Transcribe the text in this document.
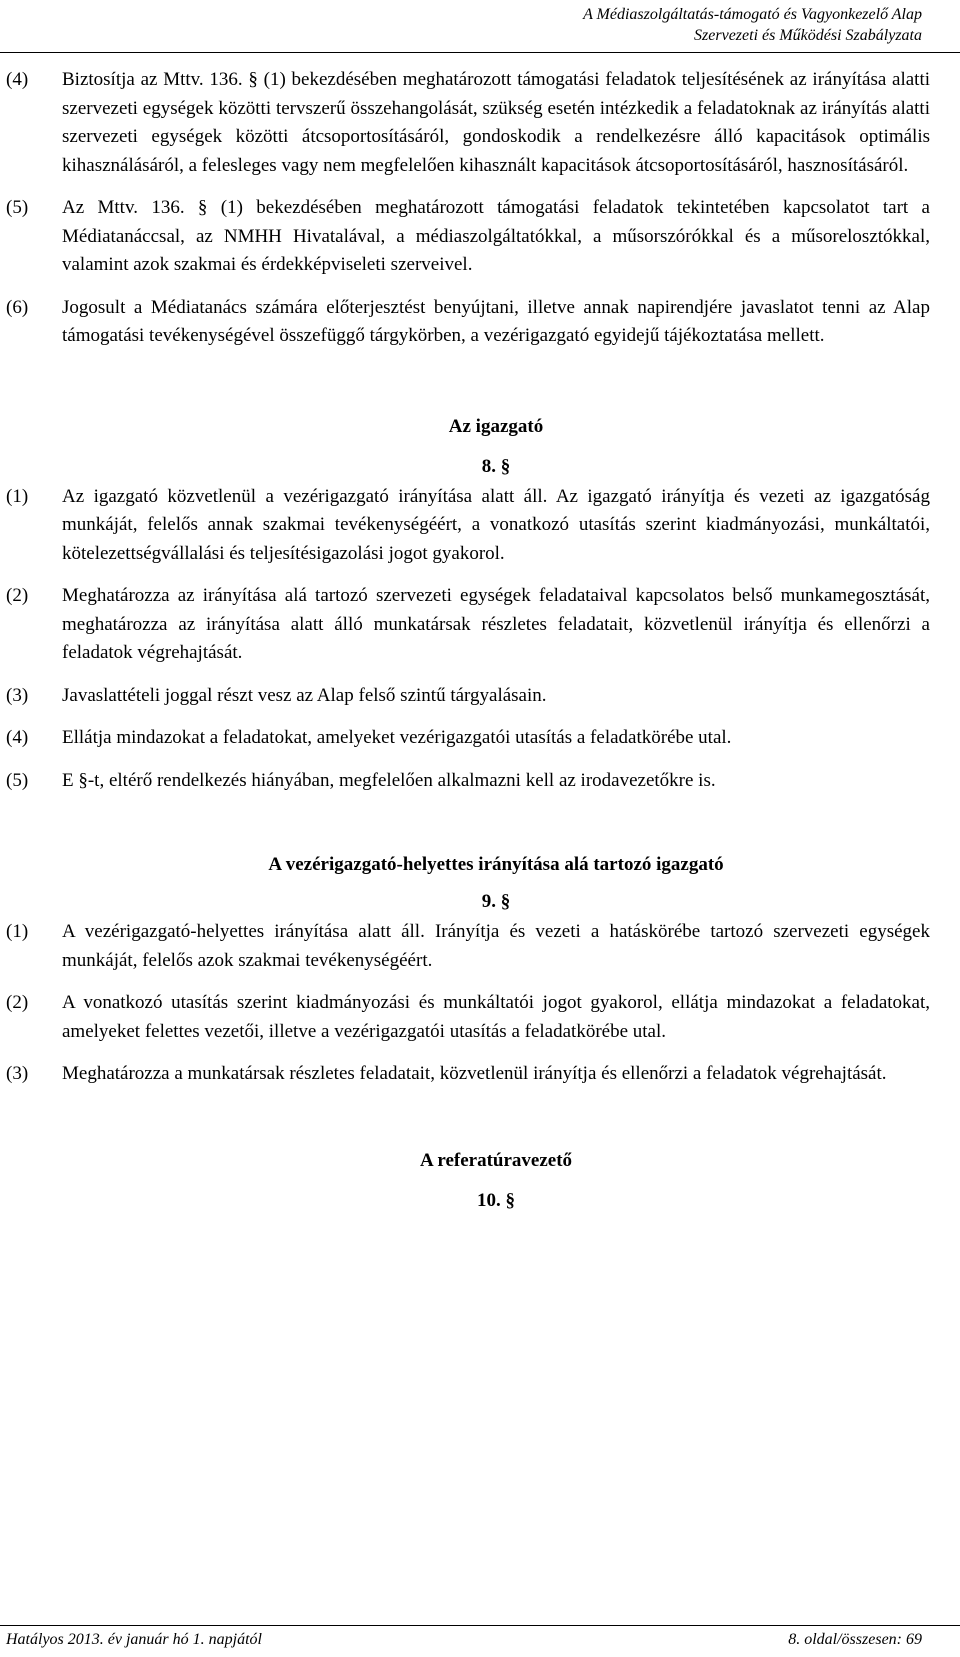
A Médiaszolgáltatás-támogató és Vagyonkezelő Alap
Szervezeti és Működési Szabályzata
(4) Biztosítja az Mttv. 136. § (1) bekezdésében meghatározott támogatási feladatok teljesítésének az irányítása alatti szervezeti egységek közötti tervszerű összehangolását, szükség esetén intézkedik a feladatoknak az irányítás alatti szervezeti egységek közötti átcsoportosításáról, gondoskodik a rendelkezésre álló kapacitások optimális kihasználásáról, a felesleges vagy nem megfelelően kihasznált kapacitások átcsoportosításáról, hasznosításáról.
(5) Az Mttv. 136. § (1) bekezdésében meghatározott támogatási feladatok tekintetében kapcsolatot tart a Médiatanáccsal, az NMHH Hivatalával, a médiaszolgáltatókkal, a műsorszórókkal és a műsorelosztókkal, valamint azok szakmai és érdekképviseleti szerveivel.
(6) Jogosult a Médiatanács számára előterjesztést benyújtani, illetve annak napirendjére javaslatot tenni az Alap támogatási tevékenységével összefüggő tárgykörben, a vezérigazgató egyidejű tájékoztatása mellett.
Az igazgató
8. §
(1) Az igazgató közvetlenül a vezérigazgató irányítása alatt áll. Az igazgató irányítja és vezeti az igazgatóság munkáját, felelős annak szakmai tevékenységéért, a vonatkozó utasítás szerint kiadmányozási, munkáltatói, kötelezettségvállalási és teljesítésigazolási jogot gyakorol.
(2) Meghatározza az irányítása alá tartozó szervezeti egységek feladataival kapcsolatos belső munkamegosztását, meghatározza az irányítása alatt álló munkatársak részletes feladatait, közvetlenül irányítja és ellenőrzi a feladatok végrehajtását.
(3) Javaslattételi joggal részt vesz az Alap felső szintű tárgyalásain.
(4) Ellátja mindazokat a feladatokat, amelyeket vezérigazgatói utasítás a feladatkörébe utal.
(5) E §-t, eltérő rendelkezés hiányában, megfelelően alkalmazni kell az irodavezetőkre is.
A vezérigazgató-helyettes irányítása alá tartozó igazgató
9. §
(1) A vezérigazgató-helyettes irányítása alatt áll. Irányítja és vezeti a hatáskörébe tartozó szervezeti egységek munkáját, felelős azok szakmai tevékenységéért.
(2) A vonatkozó utasítás szerint kiadmányozási és munkáltatói jogot gyakorol, ellátja mindazokat a feladatokat, amelyeket felettes vezetői, illetve a vezérigazgatói utasítás a feladatkörébe utal.
(3) Meghatározza a munkatársak részletes feladatait, közvetlenül irányítja és ellenőrzi a feladatok végrehajtását.
A referatúravezető
10. §
Hatályos 2013. év január hó 1. napjától	8. oldal/összesen: 69
